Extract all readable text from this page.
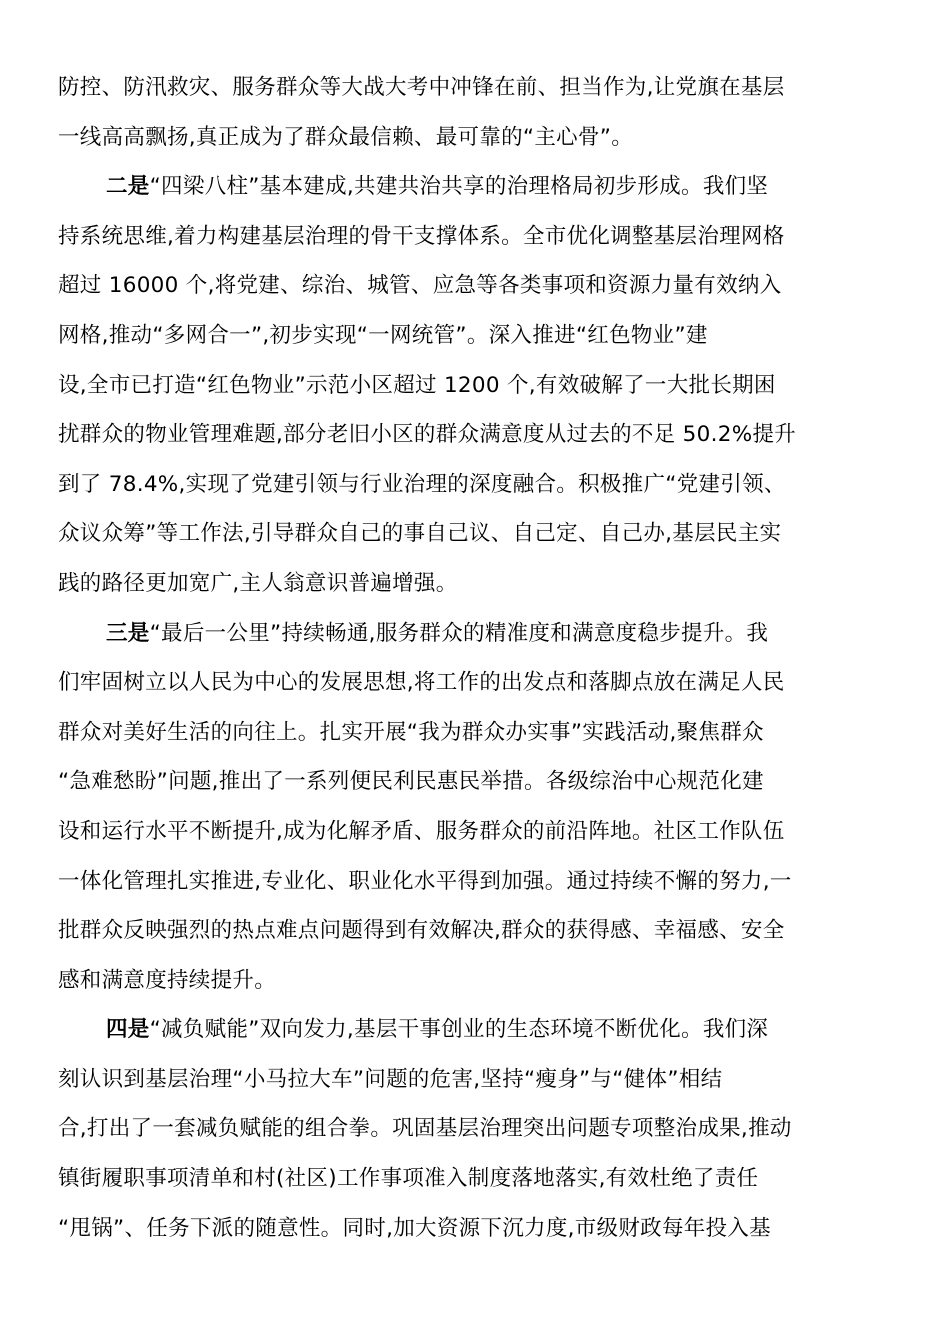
防控、防汛救灾、服务群众等大战大考中冲锋在前、担当作为,让党旗在基层
一线高高飘扬,真正成为了群众最信赖、最可靠的“主心骨”。
二是“四梁八柱”基本建成,共建共治共享的治理格局初步形成。我们坚
持系统思维,着力构建基层治理的骨干支撑体系。全市优化调整基层治理网格
超过 16000 个,将党建、综治、城管、应急等各类事项和资源力量有效纳入
网格,推动“多网合一”,初步实现“一网统管”。深入推进“红色物业”建
设,全市已打造“红色物业”示范小区超过 1200 个,有效破解了一大批长期困
扰群众的物业管理难题,部分老旧小区的群众满意度从过去的不足 50.2%提升
到了 78.4%,实现了党建引领与行业治理的深度融合。积极推广“党建引领、
众议众筹”等工作法,引导群众自己的事自己议、自己定、自己办,基层民主实
践的路径更加宽广,主人翁意识普遍增强。
三是“最后一公里”持续畅通,服务群众的精准度和满意度稳步提升。我
们牢固树立以人民为中心的发展思想,将工作的出发点和落脚点放在满足人民
群众对美好生活的向往上。扎实开展“我为群众办实事”实践活动,聚焦群众
“急难愁盼”问题,推出了一系列便民利民惠民举措。各级综治中心规范化建
设和运行水平不断提升,成为化解矛盾、服务群众的前沿阵地。社区工作队伍
一体化管理扎实推进,专业化、职业化水平得到加强。通过持续不懈的努力,一
批群众反映强烈的热点难点问题得到有效解决,群众的获得感、幸福感、安全
感和满意度持续提升。
四是“减负赋能”双向发力,基层干事创业的生态环境不断优化。我们深
刻认识到基层治理“小马拉大车”问题的危害,坚持“瘦身”与“健体”相结
合,打出了一套减负赋能的组合拳。巩固基层治理突出问题专项整治成果,推动
镇街履职事项清单和村(社区)工作事项准入制度落地落实,有效杜绝了责任
“甩锅”、任务下派的随意性。同时,加大资源下沉力度,市级财政每年投入基
